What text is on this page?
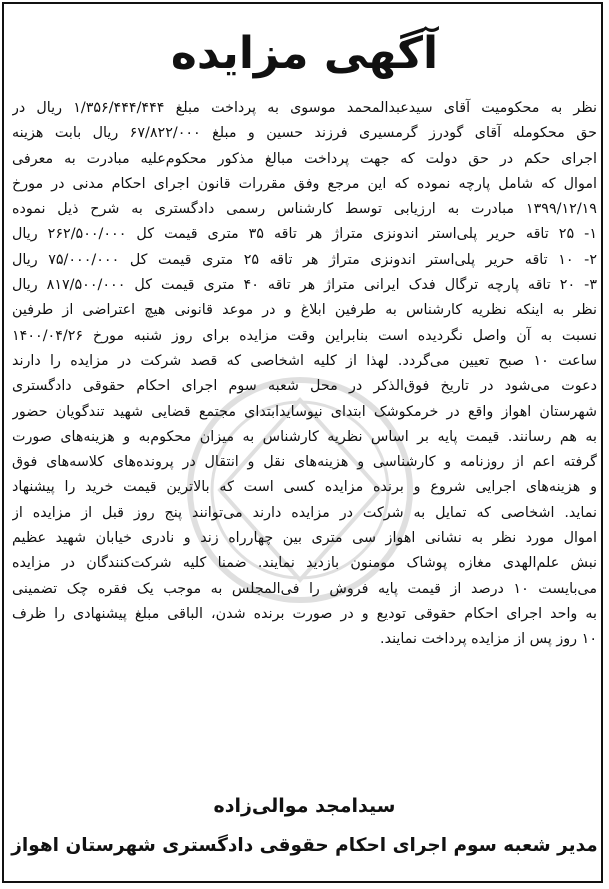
آگهی مزایده
نظر به محکومیت آقای سیدعبدالمحمد موسوی به پرداخت مبلغ ۱/۳۵۶/۴۴۴/۴۴۴ ریال در
حق محکومله آقای گودرز گرمسیری فرزند حسین و مبلغ ۶۷/۸۲۲/۰۰۰ ریال بابت هزینه
اجرای حکم در حق دولت که جهت پرداخت مبالغ مذکور محکوم‌علیه مبادرت به معرفی
اموال که شامل پارچه نموده که این مرجع وفق مقررات قانون اجرای احکام مدنی در مورخ
۱۳۹۹/۱۲/۱۹ مبادرت به ارزیابی توسط کارشناس رسمی دادگستری به شرح ذیل نموده
۱- ۲۵ تاقه حریر پلی‌استر اندونزی متراژ هر تاقه ۳۵ متری قیمت کل ۲۶۲/۵۰۰/۰۰۰ ریال
۲- ۱۰ تاقه حریر پلی‌استر اندونزی متراژ هر تاقه ۲۵ متری قیمت کل ۷۵/۰۰۰/۰۰۰ ریال
۳- ۲۰ تاقه پارچه ترگال فدک ایرانی متراژ هر تاقه ۴۰ متری قیمت کل ۸۱۷/۵۰۰/۰۰۰ ریال
نظر به اینکه نظریه کارشناس به طرفین ابلاغ و در موعد قانونی هیچ اعتراضی از طرفین
نسبت به آن واصل نگردیده است بنابراین وقت مزایده برای روز شنبه مورخ ۱۴۰۰/۰۴/۲۶
ساعت ۱۰ صبح تعیین می‌گردد. لهذا از کلیه اشخاصی که قصد شرکت در مزایده را دارند
دعوت می‌شود در تاریخ فوق‌الذکر در محل شعبه سوم اجرای احکام حقوقی دادگستری
شهرستان اهواز واقع در خرمکوشک ابتدای نیوسایدابتدای مجتمع قضایی شهید تندگویان حضور
به هم رسانند. قیمت پایه بر اساس نظریه کارشناس به میزان محکوم‌به و هزینه‌های صورت
گرفته اعم از روزنامه و کارشناسی و هزینه‌های نقل و انتقال در پرونده‌های کلاسه‌های فوق
و هزینه‌های اجرایی شروع و برنده مزایده کسی است که بالاترین قیمت خرید را پیشنهاد
نماید. اشخاصی که تمایل به شرکت در مزایده دارند می‌توانند پنج روز قبل از مزایده از
اموال مورد نظر به نشانی اهواز سی متری بین چهارراه زند و نادری خیابان شهید عظیم
نبش علم‌الهدی مغازه پوشاک مومنون بازدید نمایند. ضمنا کلیه شرکت‌کنندگان در مزایده
می‌بایست ۱۰ درصد از قیمت پایه فروش را فی‌المجلس به موجب یک فقره چک تضمینی
به واحد اجرای احکام حقوقی تودیع و در صورت برنده شدن، الباقی مبلغ پیشنهادی را ظرف
۱۰ روز پس از مزایده پرداخت نمایند.
سیدامجد موالی‌زاده
مدیر شعبه سوم اجرای احکام حقوقی دادگستری شهرستان اهواز
